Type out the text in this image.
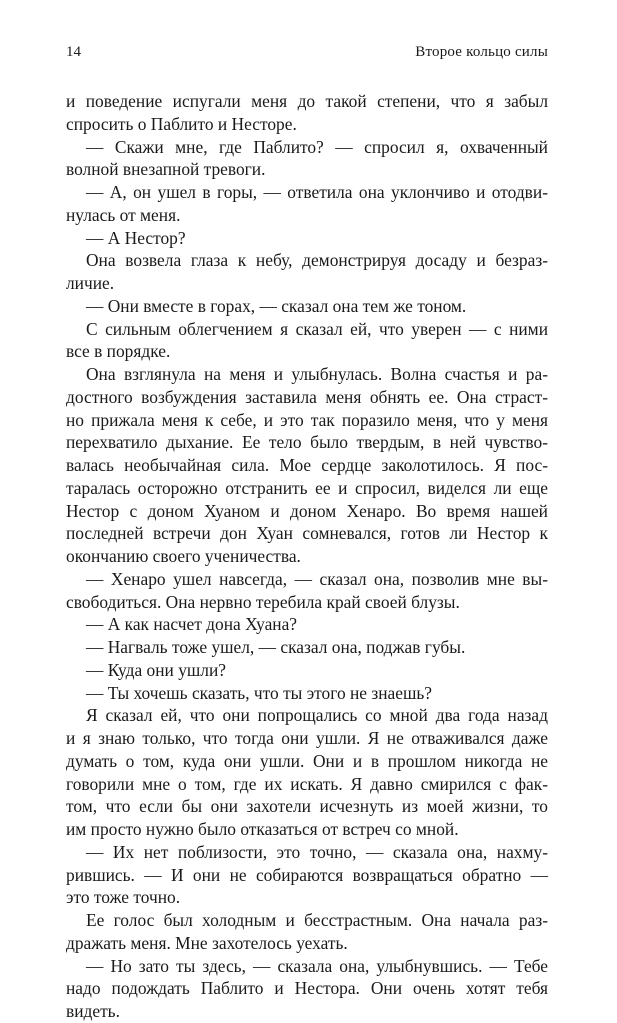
14	Второе кольцо силы
и поведение испугали меня до такой степени, что я забыл
спросить о Паблито и Несторе.
— Скажи мне, где Паблито? — спросил я, охваченный
волной внезапной тревоги.
— А, он ушел в горы, — ответила она уклончиво и отодви-
нулась от меня.
— А Нестор?
Она возвела глаза к небу, демонстрируя досаду и безраз-
личие.
— Они вместе в горах, — сказал она тем же тоном.
С сильным облегчением я сказал ей, что уверен — с ними
все в порядке.
Она взглянула на меня и улыбнулась. Волна счастья и ра-
достного возбуждения заставила меня обнять ее. Она страст-
но прижала меня к себе, и это так поразило меня, что у меня
перехватило дыхание. Ее тело было твердым, в ней чувство-
валась необычайная сила. Мое сердце заколотилось. Я пос-
таралась осторожно отстранить ее и спросил, виделся ли еще
Нестор с доном Хуаном и доном Хенаро. Во время нашей
последней встречи дон Хуан сомневался, готов ли Нестор к
окончанию своего ученичества.
— Хенаро ушел навсегда, — сказал она, позволив мне вы-
свободиться. Она нервно теребила край своей блузы.
— А как насчет дона Хуана?
— Нагваль тоже ушел, — сказал она, поджав губы.
— Куда они ушли?
— Ты хочешь сказать, что ты этого не знаешь?
Я сказал ей, что они попрощались со мной два года назад
и я знаю только, что тогда они ушли. Я не отваживался даже
думать о том, куда они ушли. Они и в прошлом никогда не
говорили мне о том, где их искать. Я давно смирился с фак-
том, что если бы они захотели исчезнуть из моей жизни, то
им просто нужно было отказаться от встреч со мной.
— Их нет поблизости, это точно, — сказала она, нахму-
рившись. — И они не собираются возвращаться обратно —
это тоже точно.
Ее голос был холодным и бесстрастным. Она начала раз-
дражать меня. Мне захотелось уехать.
— Но зато ты здесь, — сказала она, улыбнувшись. — Тебе
надо подождать Паблито и Нестора. Они очень хотят тебя
видеть.
